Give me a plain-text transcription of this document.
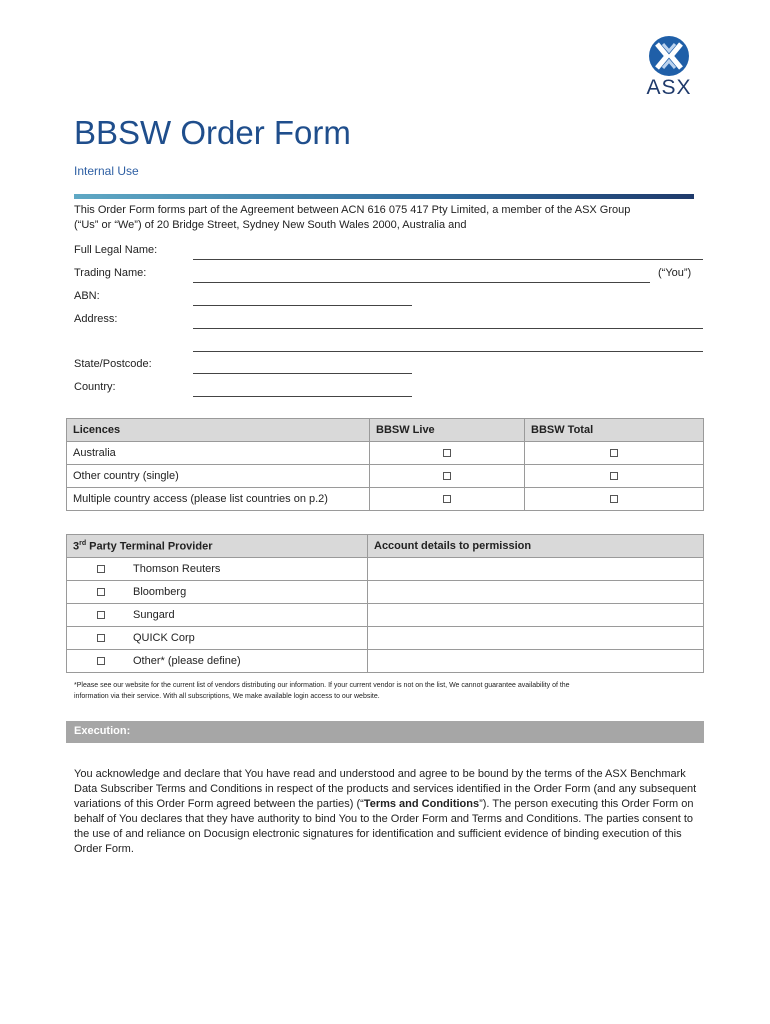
ASX
BBSW Order Form
Internal Use
This Order Form forms part of the Agreement between ACN 616 075 417 Pty Limited, a member of the ASX Group
(“Us” or “We”) of 20 Bridge Street, Sydney New South Wales 2000, Australia and
Full Legal Name:
Trading Name:	(“You”)
ABN:
Address:
State/Postcode:
Country:
Licences	BBSW Live	BBSW Total
Australia		
Other country (single)		
Multiple country access (please list countries on p.2)		
3rd Party Terminal Provider	Account details to permission
Thomson Reuters	
Bloomberg	
Sungard	
QUICK Corp	
Other* (please define)	
*Please see our website for the current list of vendors distributing our information. If your current vendor is not on the list, We cannot guarantee availability of the
information via their service. With all subscriptions, We make available login access to our website.
Execution:
You acknowledge and declare that You have read and understood and agree to be bound by the terms of the ASX Benchmark Data Subscriber Terms and Conditions in respect of the products and services identified in the Order Form (and any subsequent variations of this Order Form agreed between the parties) (“Terms and Conditions”). The person executing this Order Form on behalf of You declares that they have authority to bind You to the Order Form and Terms and Conditions. The parties consent to the use of and reliance on Docusign electronic signatures for identification and sufficient evidence of binding execution of this Order Form.
